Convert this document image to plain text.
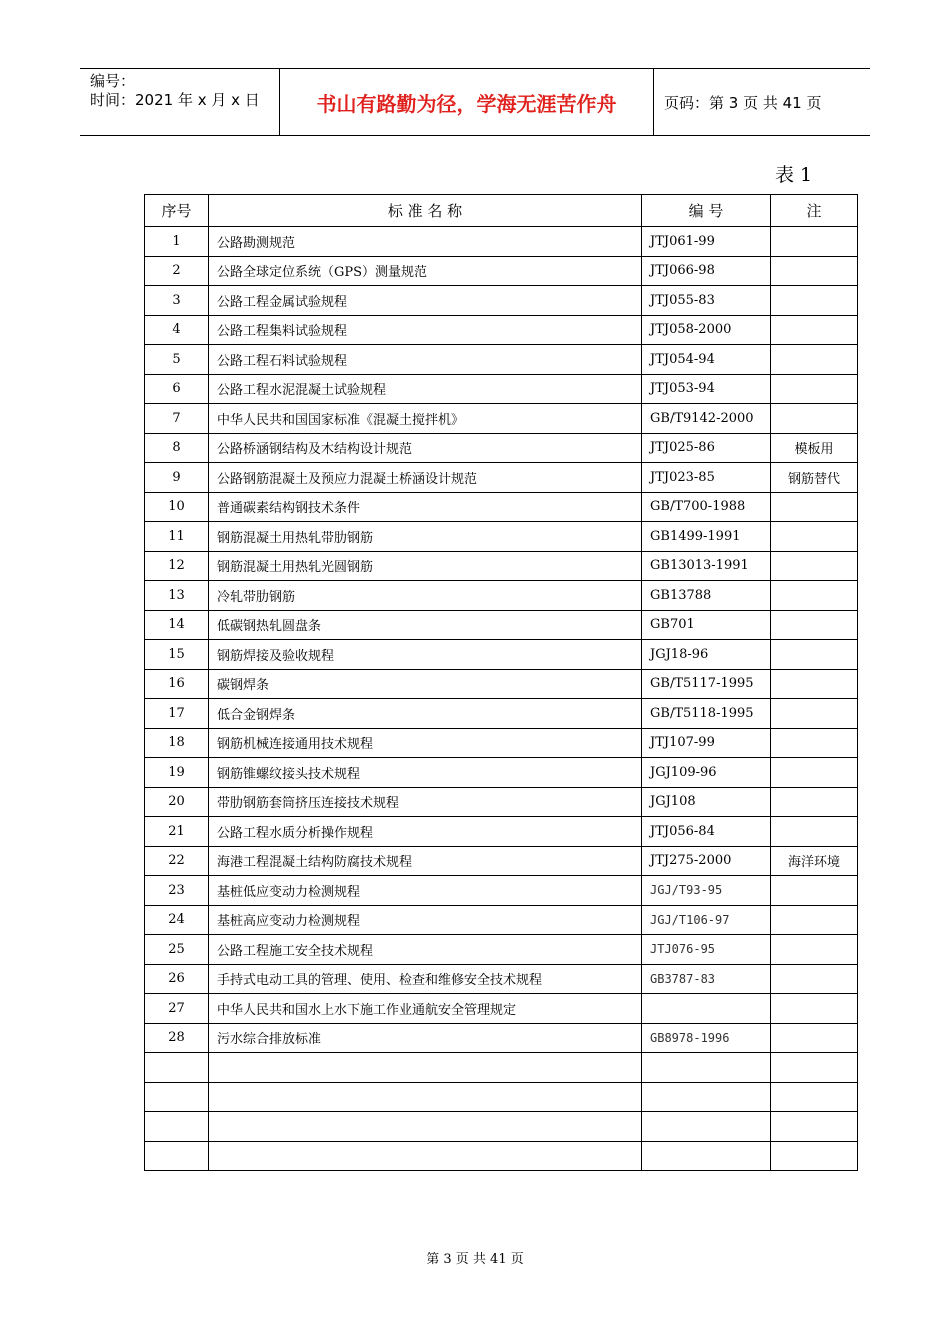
编号：
时间：2021 年 x 月 x 日	书山有路勤为径，学海无涯苦作舟	页码：第 3 页 共 41 页
表 1
序号	标 准 名 称	编 号	注
1	公路勘测规范	JTJ061-99	
2	公路全球定位系统（GPS）测量规范	JTJ066-98	
3	公路工程金属试验规程	JTJ055-83	
4	公路工程集料试验规程	JTJ058-2000	
5	公路工程石料试验规程	JTJ054-94	
6	公路工程水泥混凝土试验规程	JTJ053-94	
7	中华人民共和国国家标准《混凝土搅拌机》	GB/T9142-2000	
8	公路桥涵钢结构及木结构设计规范	JTJ025-86	模板用
9	公路钢筋混凝土及预应力混凝土桥涵设计规范	JTJ023-85	钢筋替代
10	普通碳素结构钢技术条件	GB/T700-1988	
11	钢筋混凝土用热轧带肋钢筋	GB1499-1991	
12	钢筋混凝土用热轧光圆钢筋	GB13013-1991	
13	冷轧带肋钢筋	GB13788	
14	低碳钢热轧圆盘条	GB701	
15	钢筋焊接及验收规程	JGJ18-96	
16	碳钢焊条	GB/T5117-1995	
17	低合金钢焊条	GB/T5118-1995	
18	钢筋机械连接通用技术规程	JTJ107-99	
19	钢筋锥螺纹接头技术规程	JGJ109-96	
20	带肋钢筋套筒挤压连接技术规程	JGJ108	
21	公路工程水质分析操作规程	JTJ056-84	
22	海港工程混凝土结构防腐技术规程	JTJ275-2000	海洋环境
23	基桩低应变动力检测规程	JGJ/T93-95	
24	基桩高应变动力检测规程	JGJ/T106-97	
25	公路工程施工安全技术规程	JTJ076-95	
26	手持式电动工具的管理、使用、检查和维修安全技术规程	GB3787-83	
27	中华人民共和国水上水下施工作业通航安全管理规定		
28	污水综合排放标准	GB8978-1996	

第 3 页 共 41 页
